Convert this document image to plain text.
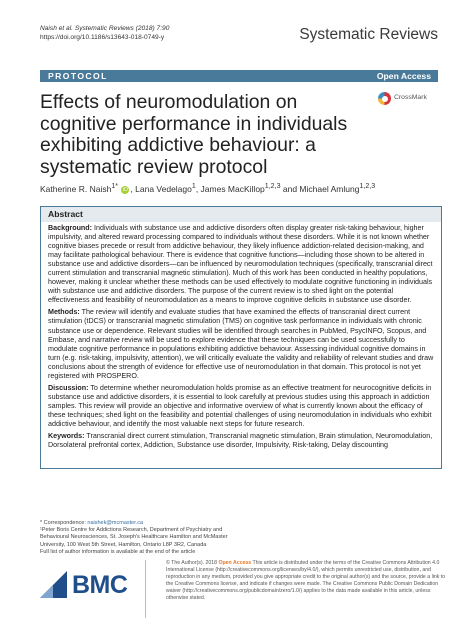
Naish et al. Systematic Reviews (2018) 7:90
https://doi.org/10.1186/s13643-018-0749-y	Systematic Reviews
PROTOCOL	Open Access
CrossMark
Effects of neuromodulation on cognitive performance in individuals exhibiting addictive behaviour: a systematic review protocol
Katherine R. Naish$^{1*}$ iD , Lana Vedelago$^1$, James MacKillop$^{1,2,3}$ and Michael Amlung$^{1,2,3}$
Abstract

Background: Individuals with substance use and addictive disorders often display greater risk-taking behaviour, higher impulsivity, and altered reward processing compared to individuals without these disorders. While it is not known whether cognitive biases precede or result from addictive behaviour, they likely influence addiction-related decision-making, and may facilitate pathological behaviour. There is evidence that cognitive functions—including those shown to be altered in substance use and addictive disorders—can be influenced by neuromodulation techniques (specifically, transcranial direct current stimulation and transcranial magnetic stimulation). Much of this work has been conducted in healthy populations, however, making it unclear whether these methods can be used effectively to modulate cognitive functioning in individuals with substance use and addictive disorders. The purpose of the current review is to shed light on the potential effectiveness and feasibility of neuromodulation as a means to improve cognitive deficits in substance use disorder.

Methods: The review will identify and evaluate studies that have examined the effects of transcranial direct current stimulation (tDCS) or transcranial magnetic stimulation (TMS) on cognitive task performance in individuals with chronic substance use or dependence. Relevant studies will be identified through searches in PubMed, PsycINFO, Scopus, and Embase, and narrative review will be used to explore evidence that these techniques can be used successfully to modulate cognitive performance in populations exhibiting addictive behaviour. Assessing individual cognitive domains in turn (e.g. risk-taking, impulsivity, attention), we will critically evaluate the validity and reliability of relevant studies and draw conclusions about the strength of evidence for effective use of neuromodulation in that domain. This protocol is not yet registered with PROSPERO.

Discussion: To determine whether neuromodulation holds promise as an effective treatment for neurocognitive deficits in substance use and addictive disorders, it is essential to look carefully at previous studies using this approach in addiction samples. This review will provide an objective and informative overview of what is currently known about the efficacy of these techniques; shed light on the feasibility and potential challenges of using neuromodulation in individuals who exhibit addictive behaviour, and identify the most valuable next steps for future research.

Keywords: Transcranial direct current stimulation, Transcranial magnetic stimulation, Brain stimulation, Neuromodulation, Dorsolateral prefrontal cortex, Addiction, Substance use disorder, Impulsivity, Risk-taking, Delay discounting

* Correspondence: naishek@mcmaster.ca
¹Peter Boris Centre for Addictions Research, Department of Psychiatry and Behavioural Neurosciences, St. Joseph's Healthcare Hamilton and McMaster University, 100 West 5th Street, Hamilton, Ontario L8P 3R2, Canada
Full list of author information is available at the end of the article
BMC
© The Author(s). 2018 Open Access This article is distributed under the terms of the Creative Commons Attribution 4.0 International License (http://creativecommons.org/licenses/by/4.0/), which permits unrestricted use, distribution, and reproduction in any medium, provided you give appropriate credit to the original author(s) and the source, provide a link to the Creative Commons license, and indicate if changes were made. The Creative Commons Public Domain Dedication waiver (http://creativecommons.org/publicdomain/zero/1.0/) applies to the data made available in this article, unless otherwise stated.
